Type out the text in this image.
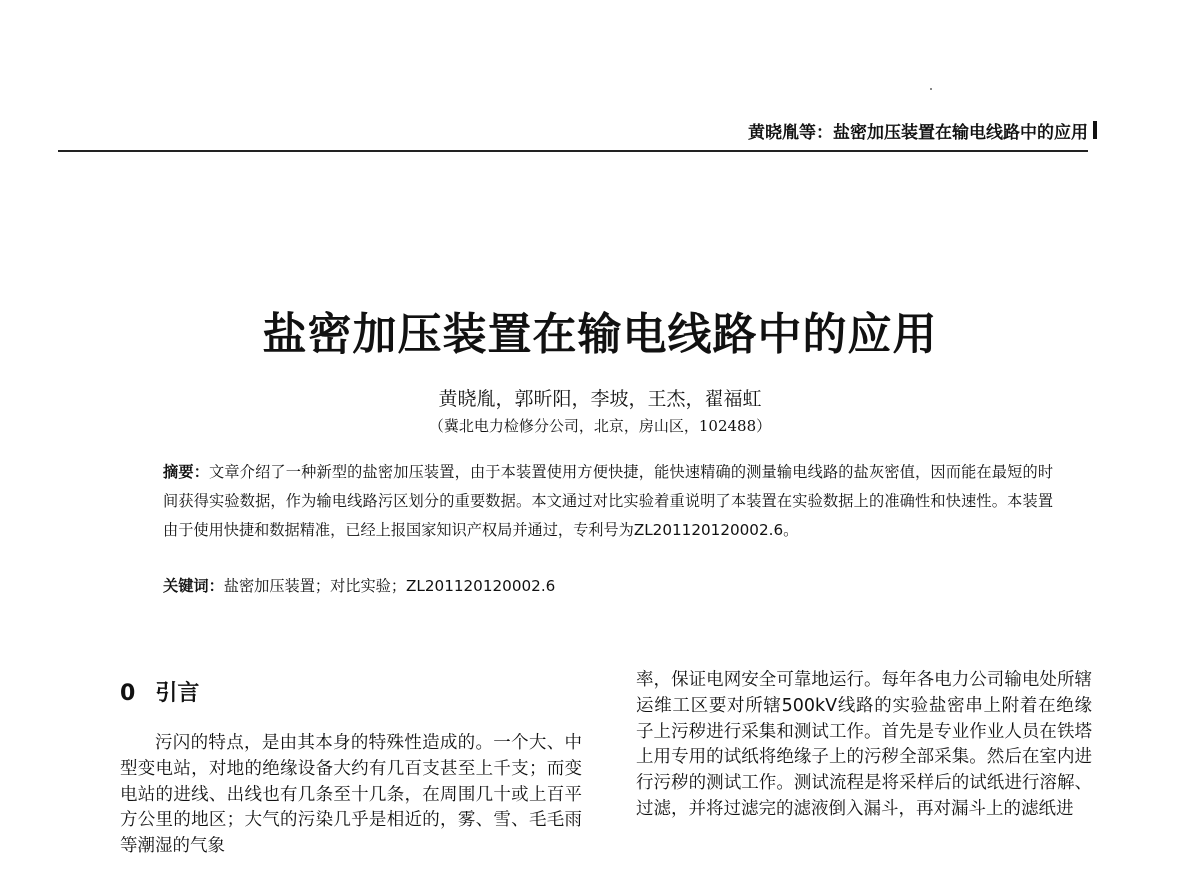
黄晓胤等：盐密加压装置在输电线路中的应用
盐密加压装置在输电线路中的应用
黄晓胤，郭昕阳，李坡，王杰，翟福虹
（冀北电力检修分公司，北京，房山区，102488）
摘要：文章介绍了一种新型的盐密加压装置，由于本装置使用方便快捷，能快速精确的测量输电线路的盐灰密值，因而能在最短的时间获得实验数据，作为输电线路污区划分的重要数据。本文通过对比实验着重说明了本装置在实验数据上的准确性和快速性。本装置由于使用快捷和数据精准，已经上报国家知识产权局并通过，专利号为ZL201120120002.6。
关键词：盐密加压装置；对比实验；ZL201120120002.6
0 引言

污闪的特点，是由其本身的特殊性造成的。一个大、中型变电站，对地的绝缘设备大约有几百支甚至上千支；而变电站的进线、出线也有几条至十几条，在周围几十或上百平方公里的地区；大气的污染几乎是相近的，雾、雪、毛毛雨等潮湿的气象

率，保证电网安全可靠地运行。每年各电力公司输电处所辖运维工区要对所辖500kV线路的实验盐密串上附着在绝缘子上污秽进行采集和测试工作。首先是专业作业人员在铁塔上用专用的试纸将绝缘子上的污秽全部采集。然后在室内进行污秽的测试工作。测试流程是将采样后的试纸进行溶解、过滤，并将过滤完的滤液倒入漏斗，再对漏斗上的滤纸进
